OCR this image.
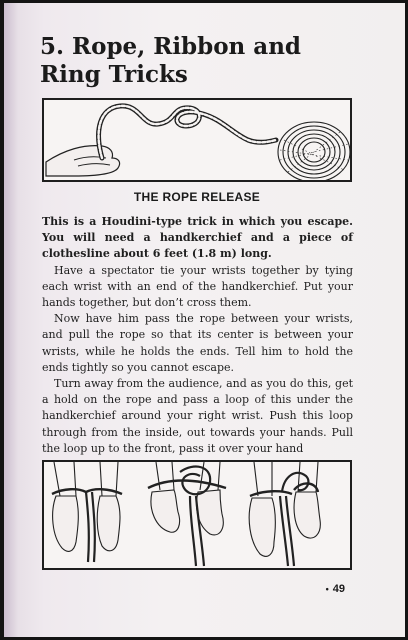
5. Rope, Ribbon and
Ring Tricks
THE ROPE RELEASE

This is a Houdini-type trick in which you escape. You will need a handkerchief and a piece of clothesline about 6 feet (1.8 m) long.

Have a spectator tie your wrists together by tying each wrist with an end of the handkerchief. Put your hands together, but don’t cross them.

Now have him pass the rope between your wrists, and pull the rope so that its center is between your wrists, while he holds the ends. Tell him to hold the ends tightly so you cannot escape.

Turn away from the audience, and as you do this, get a hold on the rope and pass a loop of this under the handkerchief around your right wrist. Push this loop through from the inside, out towards your hands. Pull the loop up to the front, pass it over your hand

• 49
